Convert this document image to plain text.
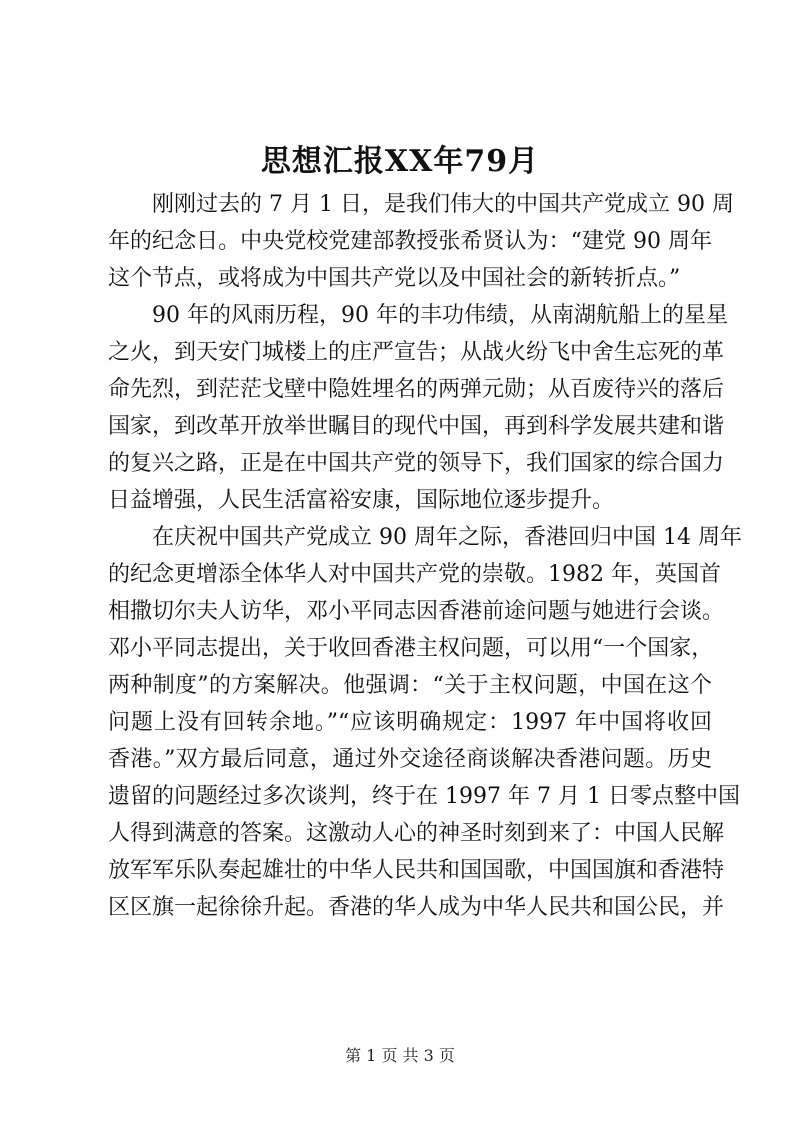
思想汇报XX年79月
刚刚过去的 7 月 1 日，是我们伟大的中国共产党成立 90 周
年的纪念日。中央党校党建部教授张希贤认为：“建党 90 周年
这个节点，或将成为中国共产党以及中国社会的新转折点。”
90 年的风雨历程，90 年的丰功伟绩，从南湖航船上的星星
之火，到天安门城楼上的庄严宣告；从战火纷飞中舍生忘死的革
命先烈，到茫茫戈壁中隐姓埋名的两弹元勋；从百废待兴的落后
国家，到改革开放举世瞩目的现代中国，再到科学发展共建和谐
的复兴之路，正是在中国共产党的领导下，我们国家的综合国力
日益增强，人民生活富裕安康，国际地位逐步提升。
在庆祝中国共产党成立 90 周年之际，香港回归中国 14 周年
的纪念更增添全体华人对中国共产党的崇敬。1982 年，英国首
相撒切尔夫人访华，邓小平同志因香港前途问题与她进行会谈。
邓小平同志提出，关于收回香港主权问题，可以用“一个国家，
两种制度”的方案解决。他强调：“关于主权问题，中国在这个
问题上没有回转余地。”“应该明确规定：1997 年中国将收回
香港。”双方最后同意，通过外交途径商谈解决香港问题。历史
遗留的问题经过多次谈判，终于在 1997 年 7 月 1 日零点整中国
人得到满意的答案。这激动人心的神圣时刻到来了：中国人民解
放军军乐队奏起雄壮的中华人民共和国国歌，中国国旗和香港特
区区旗一起徐徐升起。香港的华人成为中华人民共和国公民，并
第 1 页 共 3 页
